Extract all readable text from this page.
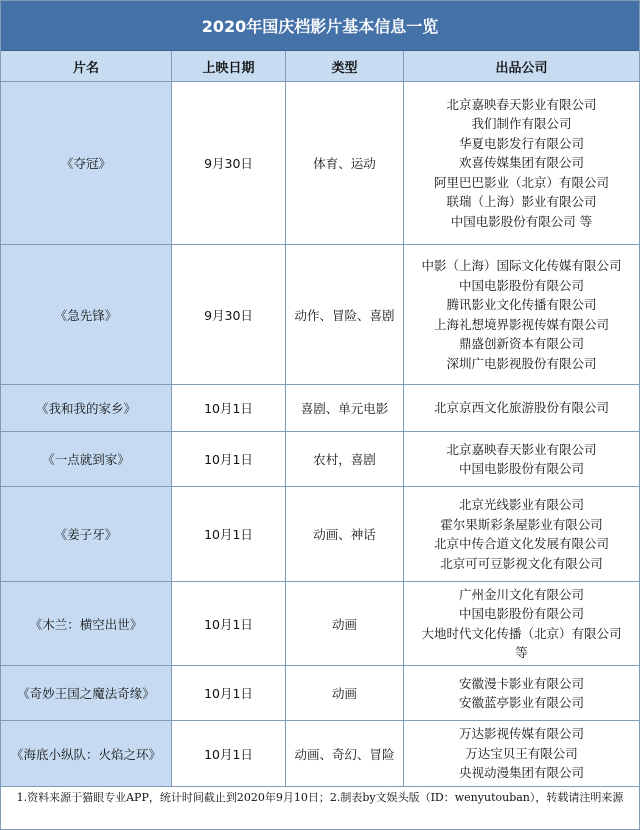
2020年国庆档影片基本信息一览
片名	上映日期	类型	出品公司
《夺冠》	9月30日	体育、运动
北京嘉映春天影业有限公司
我们制作有限公司
华夏电影发行有限公司
欢喜传媒集团有限公司
阿里巴巴影业（北京）有限公司
联瑞（上海）影业有限公司
中国电影股份有限公司 等
《急先锋》	9月30日	动作、冒险、喜剧
中影（上海）国际文化传媒有限公司
中国电影股份有限公司
腾讯影业文化传播有限公司
上海礼想境界影视传媒有限公司
鼎盛创新资本有限公司
深圳广电影视股份有限公司
《我和我的家乡》	10月1日	喜剧、单元电影	北京京西文化旅游股份有限公司
《一点就到家》	10月1日	农村，喜剧
北京嘉映春天影业有限公司
中国电影股份有限公司
《姜子牙》	10月1日	动画、神话
北京光线影业有限公司
霍尔果斯彩条屋影业有限公司
北京中传合道文化发展有限公司
北京可可豆影视文化有限公司
《木兰：横空出世》	10月1日	动画
广州金川文化有限公司
中国电影股份有限公司
大地时代文化传播（北京）有限公司
等
《奇妙王国之魔法奇缘》	10月1日	动画
安徽漫卡影业有限公司
安徽蓝亭影业有限公司
《海底小纵队：火焰之环》	10月1日	动画、奇幻、冒险
万达影视传媒有限公司
万达宝贝王有限公司
央视动漫集团有限公司
1.资料来源于猫眼专业APP，统计时间截止到2020年9月10日；2.制表by文娱头版（ID：wenyutouban），转载请注明来源
